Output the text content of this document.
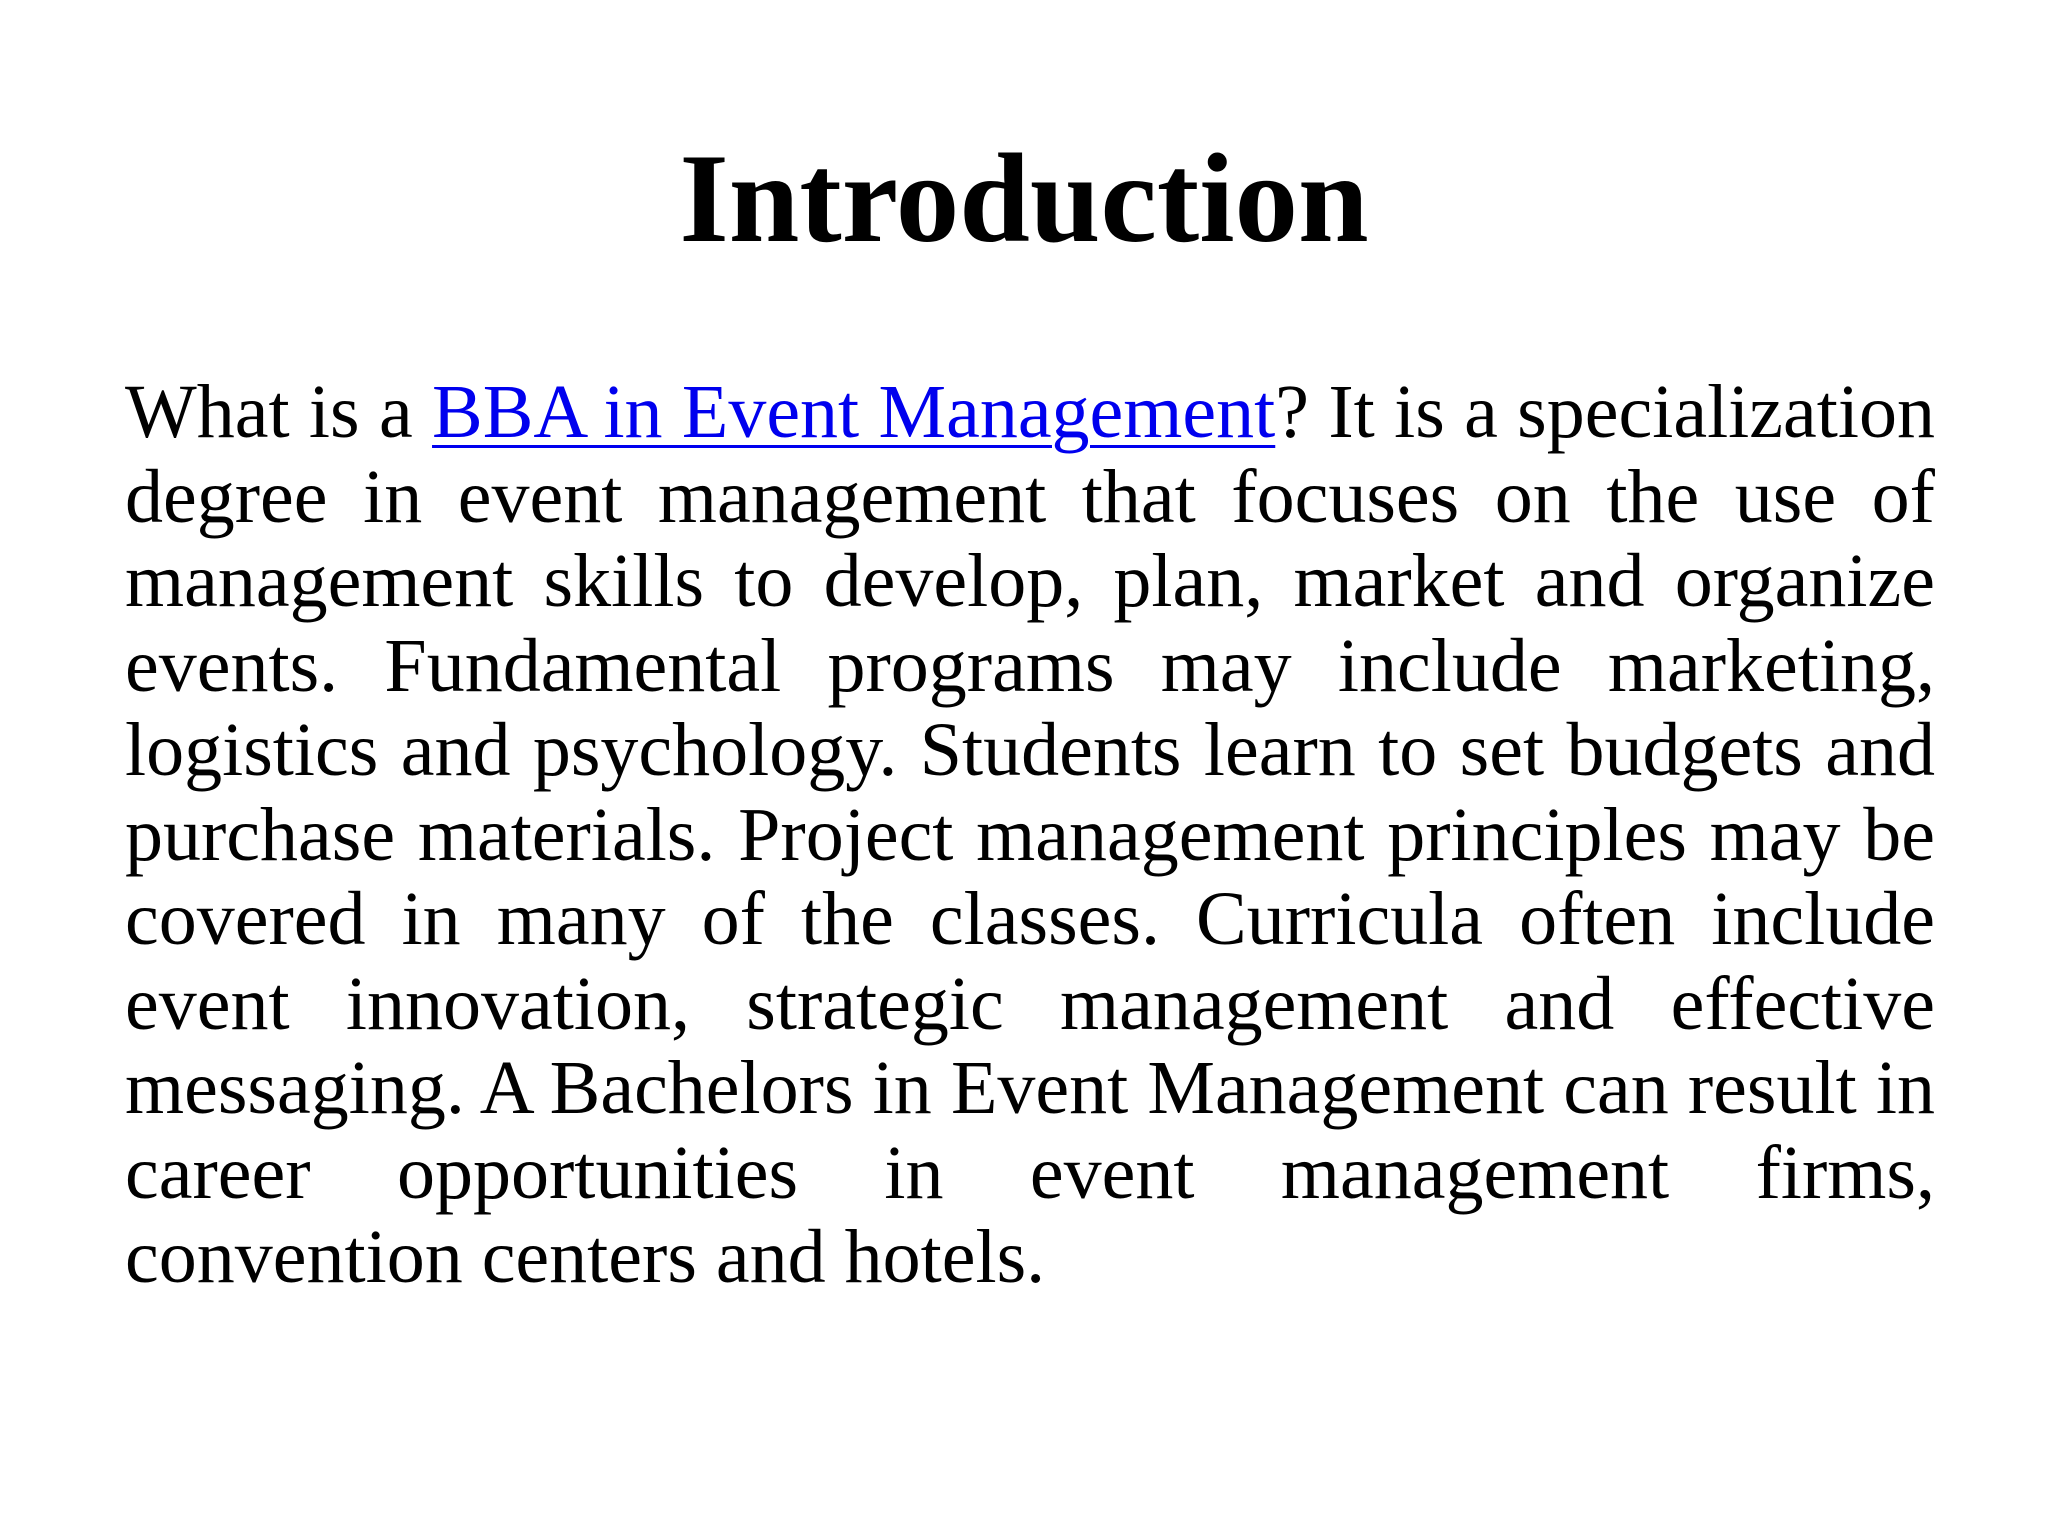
Introduction

What is a BBA in Event Management? It is a specialization degree in event management that focuses on the use of management skills to develop, plan, market and organize events. Fundamental programs may include marketing, logistics and psychology. Students learn to set budgets and purchase materials. Project management principles may be covered in many of the classes. Curricula often include event innovation, strategic management and effective messaging. A Bachelors in Event Management can result in career opportunities in event management firms, convention centers and hotels.
